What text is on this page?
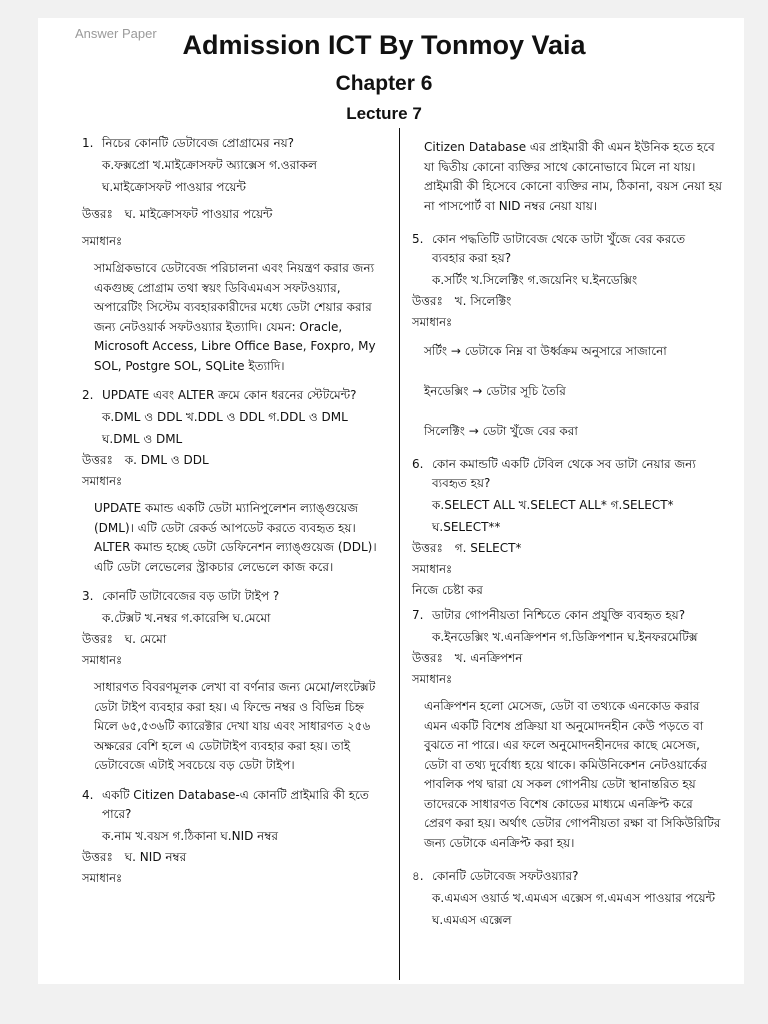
Answer Paper Admission ICT By Tonmoy Vaia
Chapter 6
Lecture 7
1. নিচের কোনটি ডেটাবেজ প্রোগ্রামের নয়?
ক.ফক্সপ্রো খ.মাইক্রোসফট অ্যাক্সেস গ.ওরাকল
ঘ.মাইক্রোসফট পাওয়ার পয়েন্ট
উত্তরঃ ঘ. মাইক্রোসফট পাওয়ার পয়েন্ট
সমাধানঃ
সামগ্রিকভাবে ডেটাবেজ পরিচালনা এবং নিয়ন্ত্রণ করার জন্য একগুচ্ছ প্রোগ্রাম তথা স্বয়ং ডিবিএমএস সফটওয়্যার, অপারেটিং সিস্টেম ব্যবহারকারীদের মধ্যে ডেটা শেয়ার করার জন্য নেটওয়ার্ক সফটওয়্যার ইত্যাদি। যেমন: Oracle, Microsoft Access, Libre Office Base, Foxpro, My SOL, Postgre SOL, SQLite ইত্যাদি।
2. UPDATE এবং ALTER ক্রমে কোন ধরনের স্টেটমেন্ট?
ক.DML ও DDL খ.DDL ও DDL গ.DDL ও DML
ঘ.DML ও DML
উত্তরঃ ক. DML ও DDL
সমাধানঃ
UPDATE কমান্ড একটি ডেটা ম্যানিপুলেশন ল্যাঙ্গুয়েজ (DML)। এটি ডেটা রেকর্ড আপডেট করতে ব্যবহৃত হয়। ALTER কমান্ড হচ্ছে ডেটা ডেফিনেশন ল্যাঙ্গুয়েজ (DDL)। এটি ডেটা লেভেলের স্ট্রাকচার লেভেলে কাজ করে।
3. কোনটি ডাটাবেজের বড় ডাটা টাইপ ?
ক.টেক্সট খ.নম্বর গ.কারেন্সি ঘ.মেমো
উত্তরঃ ঘ. মেমো
সমাধানঃ
সাধারণত বিবরণমূলক লেখা বা বর্ণনার জন্য মেমো/লংটেক্সট ডেটা টাইপ ব্যবহার করা হয়। এ ফিল্ডে নম্বর ও বিভিন্ন চিহ্ন মিলে ৬৫,৫৩৬টি ক্যারেক্টার দেখা যায় এবং সাধারণত ২৫৬ অক্ষরের বেশি হলে এ ডেটাটাইপ ব্যবহার করা হয়। তাই ডেটাবেজে এটাই সবচেয়ে বড় ডেটা টাইপ।
4. একটি Citizen Database-এ কোনটি প্রাইমারি কী হতে পারে?
ক.নাম খ.বয়স গ.ঠিকানা ঘ.NID নম্বর
উত্তরঃ ঘ. NID নম্বর
সমাধানঃ
Citizen Database এর প্রাইমারী কী এমন ইউনিক হতে হবে যা দ্বিতীয় কোনো ব্যক্তির সাথে কোনোভাবে মিলে না যায়। প্রাইমারী কী হিসেবে কোনো ব্যক্তির নাম, ঠিকানা, বয়স নেয়া হয় না পাসপোর্ট বা NID নম্বর নেয়া যায়।
5. কোন পদ্ধতিটি ডাটাবেজ থেকে ডাটা খুঁজে বের করতে ব্যবহার করা হয়?
ক.সর্টিং খ.সিলেক্টিং গ.জয়েনিং ঘ.ইনডেক্সিং
উত্তরঃ খ. সিলেক্টিং
সমাধানঃ
সর্টিং → ডেটাকে নিম্ন বা উর্ধ্বক্রম অনুসারে সাজানো
ইনডেক্সিং → ডেটার সূচি তৈরি
সিলেক্টিং → ডেটা খুঁজে বের করা
6. কোন কমান্ডটি একটি টেবিল থেকে সব ডাটা নেয়ার জন্য ব্যবহৃত হয়?
ক.SELECT ALL খ.SELECT ALL* গ.SELECT*
ঘ.SELECT**
উত্তরঃ গ. SELECT*
সমাধানঃ
নিজে চেষ্টা কর
7. ডাটার গোপনীয়তা নিশ্চিতে কোন প্রযুক্তি ব্যবহৃত হয়?
ক.ইনডেক্সিং খ.এনক্রিপশন গ.ডিক্রিপশান ঘ.ইনফরমেটিক্স
উত্তরঃ খ. এনক্রিপশন
সমাধানঃ
এনক্রিপশন হলো মেসেজ, ডেটা বা তথ্যকে এনকোড করার এমন একটি বিশেষ প্রক্রিয়া যা অনুমোদনহীন কেউ পড়তে বা বুঝতে না পারে। এর ফলে অনুমোদনহীনদের কাছে মেসেজ, ডেটা বা তথ্য দুর্বোধ্য হয়ে থাকে। কমিউনিকেশন নেটওয়ার্কের পাবলিক পথ দ্বারা যে সকল গোপনীয় ডেটা স্থানান্তরিত হয় তাদেরকে সাধারণত বিশেষ কোডের মাধ্যমে এনক্রিপ্ট করে প্রেরণ করা হয়। অর্থাৎ ডেটার গোপনীয়তা রক্ষা বা সিকিউরিটির জন্য ডেটাকে এনক্রিপ্ট করা হয়।
৪. কোনটি ডেটাবেজ সফটওয়্যার?
ক.এমএস ওয়ার্ড খ.এমএস এক্সেস গ.এমএস পাওয়ার পয়েন্ট
ঘ.এমএস এক্সেল
